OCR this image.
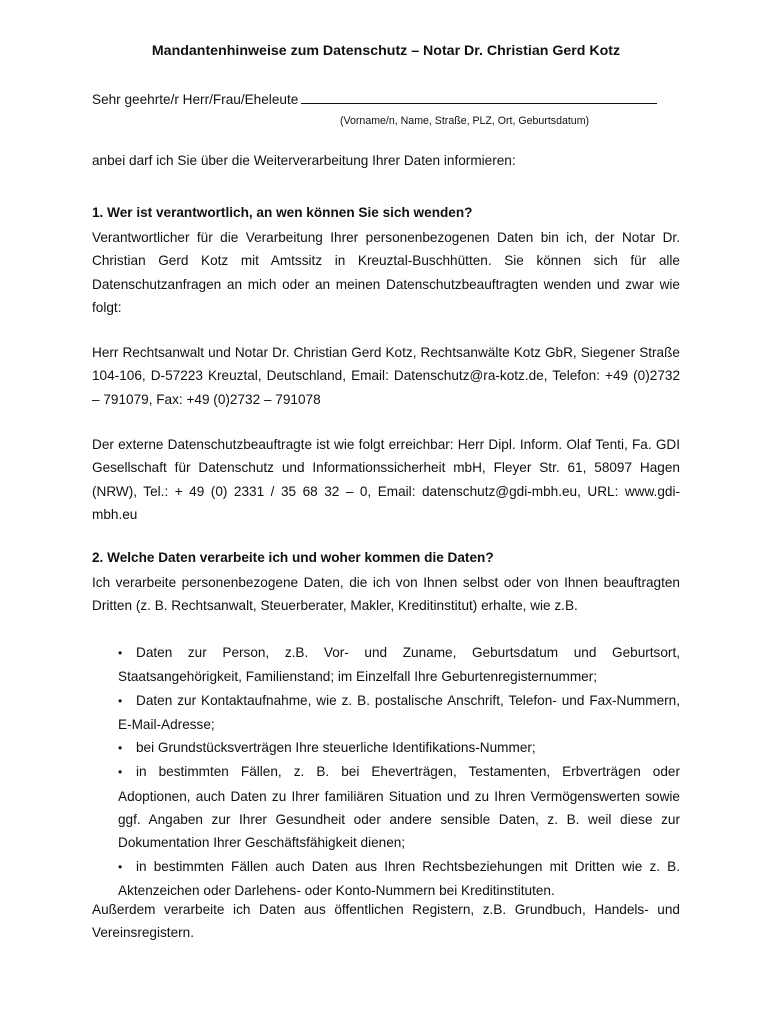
Mandantenhinweise zum Datenschutz – Notar Dr. Christian Gerd Kotz
Sehr geehrte/r Herr/Frau/Eheleute
(Vorname/n, Name, Straße, PLZ, Ort, Geburtsdatum)
anbei darf ich Sie über die Weiterverarbeitung Ihrer Daten informieren:
1. Wer ist verantwortlich, an wen können Sie sich wenden?

Verantwortlicher für die Verarbeitung Ihrer personenbezogenen Daten bin ich, der Notar Dr. Christian Gerd Kotz mit Amtssitz in Kreuztal-Buschhütten. Sie können sich für alle Datenschutzanfragen an mich oder an meinen Datenschutzbeauftragten wenden und zwar wie folgt:

Herr Rechtsanwalt und Notar Dr. Christian Gerd Kotz, Rechtsanwälte Kotz GbR, Siegener Straße 104-106, D-57223 Kreuztal, Deutschland, Email: Datenschutz@ra-kotz.de, Telefon: +49 (0)2732 – 791079, Fax: +49 (0)2732 – 791078

Der externe Datenschutzbeauftragte ist wie folgt erreichbar: Herr Dipl. Inform. Olaf Tenti, Fa. GDI Gesellschaft für Datenschutz und Informationssicherheit mbH, Fleyer Str. 61, 58097 Hagen (NRW), Tel.: + 49 (0) 2331 / 35 68 32 – 0, Email: datenschutz@gdi-mbh.eu, URL: www.gdi-mbh.eu

2. Welche Daten verarbeite ich und woher kommen die Daten?

Ich verarbeite personenbezogene Daten, die ich von Ihnen selbst oder von Ihnen beauftragten Dritten (z. B. Rechtsanwalt, Steuerberater, Makler, Kreditinstitut) erhalte, wie z.B.

• Daten zur Person, z.B. Vor- und Zuname, Geburtsdatum und Geburtsort, Staatsangehörigkeit, Familienstand; im Einzelfall Ihre Geburtenregisternummer;
• Daten zur Kontaktaufnahme, wie z. B. postalische Anschrift, Telefon- und Fax-Nummern, E-Mail-Adresse;
• bei Grundstücksverträgen Ihre steuerliche Identifikations-Nummer;
• in bestimmten Fällen, z. B. bei Eheverträgen, Testamenten, Erbverträgen oder Adoptionen, auch Daten zu Ihrer familiären Situation und zu Ihren Vermögenswerten sowie ggf. Angaben zur Ihrer Gesundheit oder andere sensible Daten, z. B. weil diese zur Dokumentation Ihrer Geschäftsfähigkeit dienen;
• in bestimmten Fällen auch Daten aus Ihren Rechtsbeziehungen mit Dritten wie z. B. Aktenzeichen oder Darlehens- oder Konto-Nummern bei Kreditinstituten.

Außerdem verarbeite ich Daten aus öffentlichen Registern, z.B. Grundbuch, Handels- und Vereinsregistern.
